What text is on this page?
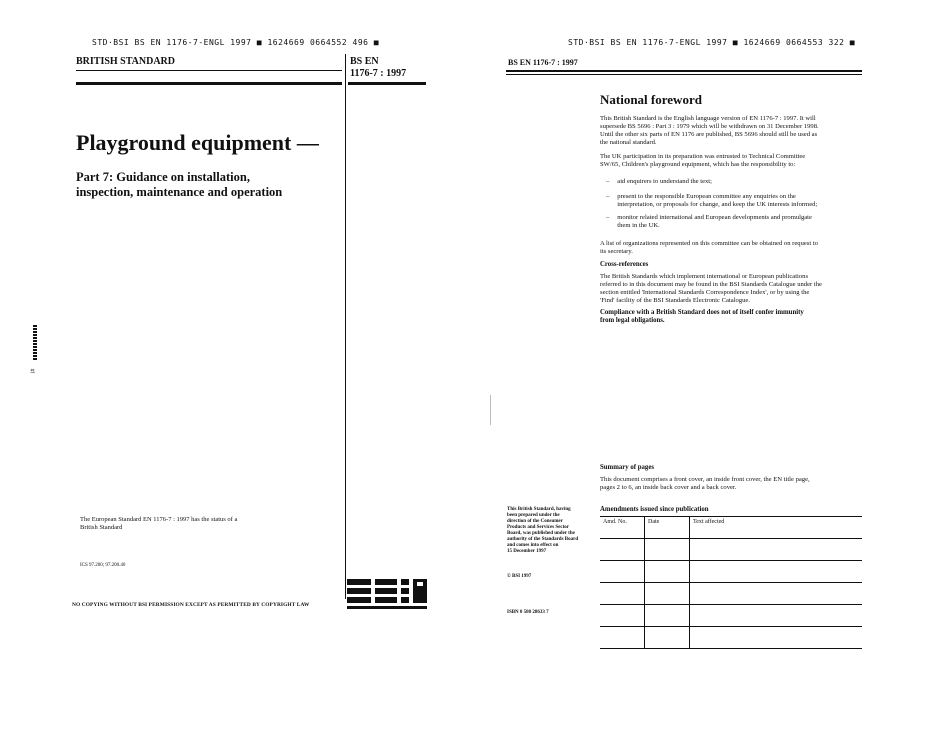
STD·BSI BS EN 1176-7-ENGL 1997 ■ 1624669 0664552 496 ■
BRITISH STANDARD	BS EN
1176-7 : 1997
Playground equipment —
Part 7: Guidance on installation,
inspection, maintenance and operation
i#
The European Standard EN 1176-7 : 1997 has the status of a
British Standard
ICS 97.200; 97.200.40
NO COPYING WITHOUT BSI PERMISSION EXCEPT AS PERMITTED BY COPYRIGHT LAW
STD·BSI BS EN 1176-7-ENGL 1997 ■ 1624669 0664553 322 ■
BS EN 1176-7 : 1997
National foreword
This British Standard is the English language version of EN 1176-7 : 1997. It will
supersede BS 5696 : Part 3 : 1979 which will be withdrawn on 31 December 1998.
Until the other six parts of EN 1176 are published, BS 5696 should still be used as
the national standard.
The UK participation in its preparation was entrusted to Technical Committee
SW/65, Children's playground equipment, which has the responsibility to:
– aid enquirers to understand the text;
– present to the responsible European committee any enquiries on the
interpretation, or proposals for change, and keep the UK interests informed;
– monitor related international and European developments and promulgate
them in the UK.
A list of organizations represented on this committee can be obtained on request to
its secretary.
Cross-references
The British Standards which implement international or European publications
referred to in this document may be found in the BSI Standards Catalogue under the
section entitled 'International Standards Correspondence Index', or by using the
'Find' facility of the BSI Standards Electronic Catalogue.
Compliance with a British Standard does not of itself confer immunity
from legal obligations.
Summary of pages
This document comprises a front cover, an inside front cover, the EN title page,
pages 2 to 6, an inside back cover and a back cover.
This British Standard, having
been prepared under the
direction of the Consumer
Products and Services Sector
Board, was published under the
authority of the Standards Board
and comes into effect on
15 December 1997
© BSI 1997
ISBN 0 580 28633 7
Amendments issued since publication
Amd. No.	Date	Text affected
